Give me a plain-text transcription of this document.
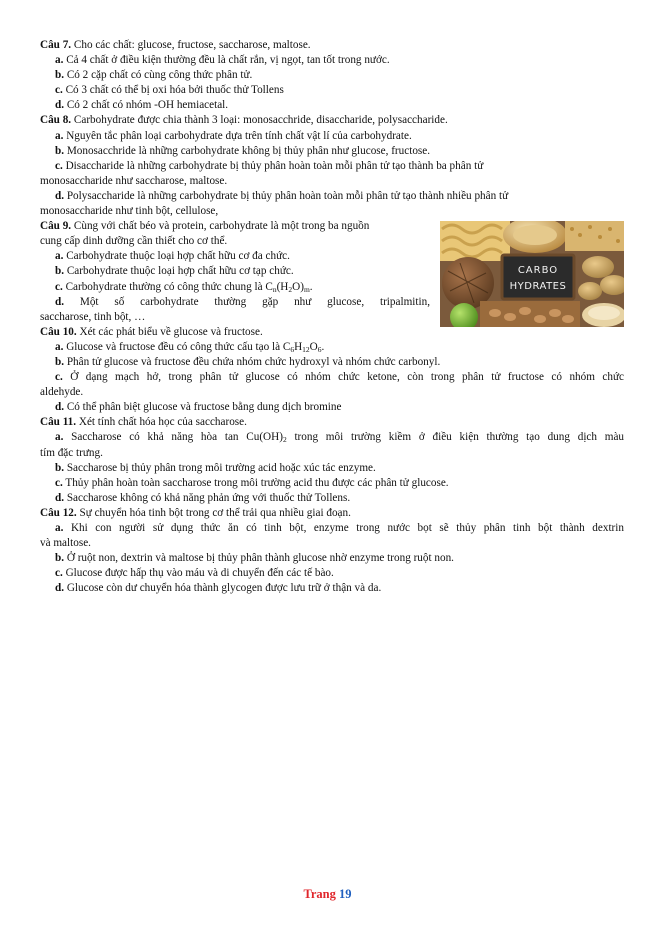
Câu 7. Cho các chất: glucose, fructose, saccharose, maltose.
a. Cả 4 chất ở điều kiện thường đều là chất rắn, vị ngọt, tan tốt trong nước.
b. Có 2 cặp chất có cùng công thức phân tử.
c. Có 3 chất có thể bị oxi hóa bởi thuốc thử Tollens
d. Có 2 chất có nhóm -OH hemiacetal.
Câu 8. Carbohydrate được chia thành 3 loại: monosacchride, disaccharide, polysaccharide.
a. Nguyên tắc phân loại carbohydrate dựa trên tính chất vật lí của carbohydrate.
b. Monosacchride là những carbohydrate không bị thủy phân như glucose, fructose.
c. Disaccharide là những carbohydrate bị thủy phân hoàn toàn mỗi phân tử tạo thành ba phân tử
monosaccharide như saccharose, maltose.
d. Polysaccharide là những carbohydrate bị thủy phân hoàn toàn mỗi phân tử tạo thành nhiều phân tử
monosaccharide như tinh bột, cellulose,
Câu 9. Cùng với chất béo và protein, carbohydrate là một trong ba nguồn
cung cấp dinh dưỡng cần thiết cho cơ thể.
a. Carbohydrate thuộc loại hợp chất hữu cơ đa chức.
b. Carbohydrate thuộc loại hợp chất hữu cơ tạp chức.
c. Carbohydrate thường có công thức chung là $C_n(H_2O)_m$.
d. Một số carbohydrate thường gặp như glucose, tripalmitin,
saccharose, tinh bột, …
CARBO
HYDRATES
Câu 10. Xét các phát biểu về glucose và fructose.
a. Glucose và fructose đều có công thức cấu tạo là $C_6H_{12}O_6$.
b. Phân tử glucose và fructose đều chứa nhóm chức hydroxyl và nhóm chức carbonyl.
c. Ở dạng mạch hở, trong phân tử glucose có nhóm chức ketone, còn trong phân tử fructose có nhóm chức
aldehyde.
d. Có thể phân biệt glucose và fructose bằng dung dịch bromine
Câu 11. Xét tính chất hóa học của saccharose.
a. Saccharose có khả năng hòa $\tan Cu(OH)_2$ trong môi trường kiềm ở điều kiện thường tạo dung dịch màu
tím đặc trưng.
b. Saccharose bị thủy phân trong môi trường acid hoặc xúc tác enzyme.
c. Thủy phân hoàn toàn saccharose trong môi trường acid thu được các phân tử glucose.
d. Saccharose không có khả năng phản ứng với thuốc thử Tollens.
Câu 12. Sự chuyển hóa tinh bột trong cơ thể trải qua nhiều giai đoạn.
a. Khi con người sử dụng thức ăn có tinh bột, enzyme trong nước bọt sẽ thủy phân tinh bột thành dextrin
và maltose.
b. Ở ruột non, dextrin và maltose bị thủy phân thành glucose nhờ enzyme trong ruột non.
c. Glucose được hấp thụ vào máu và di chuyển đến các tế bào.
d. Glucose còn dư chuyển hóa thành glycogen được lưu trữ ở thận và da.
Trang 19
